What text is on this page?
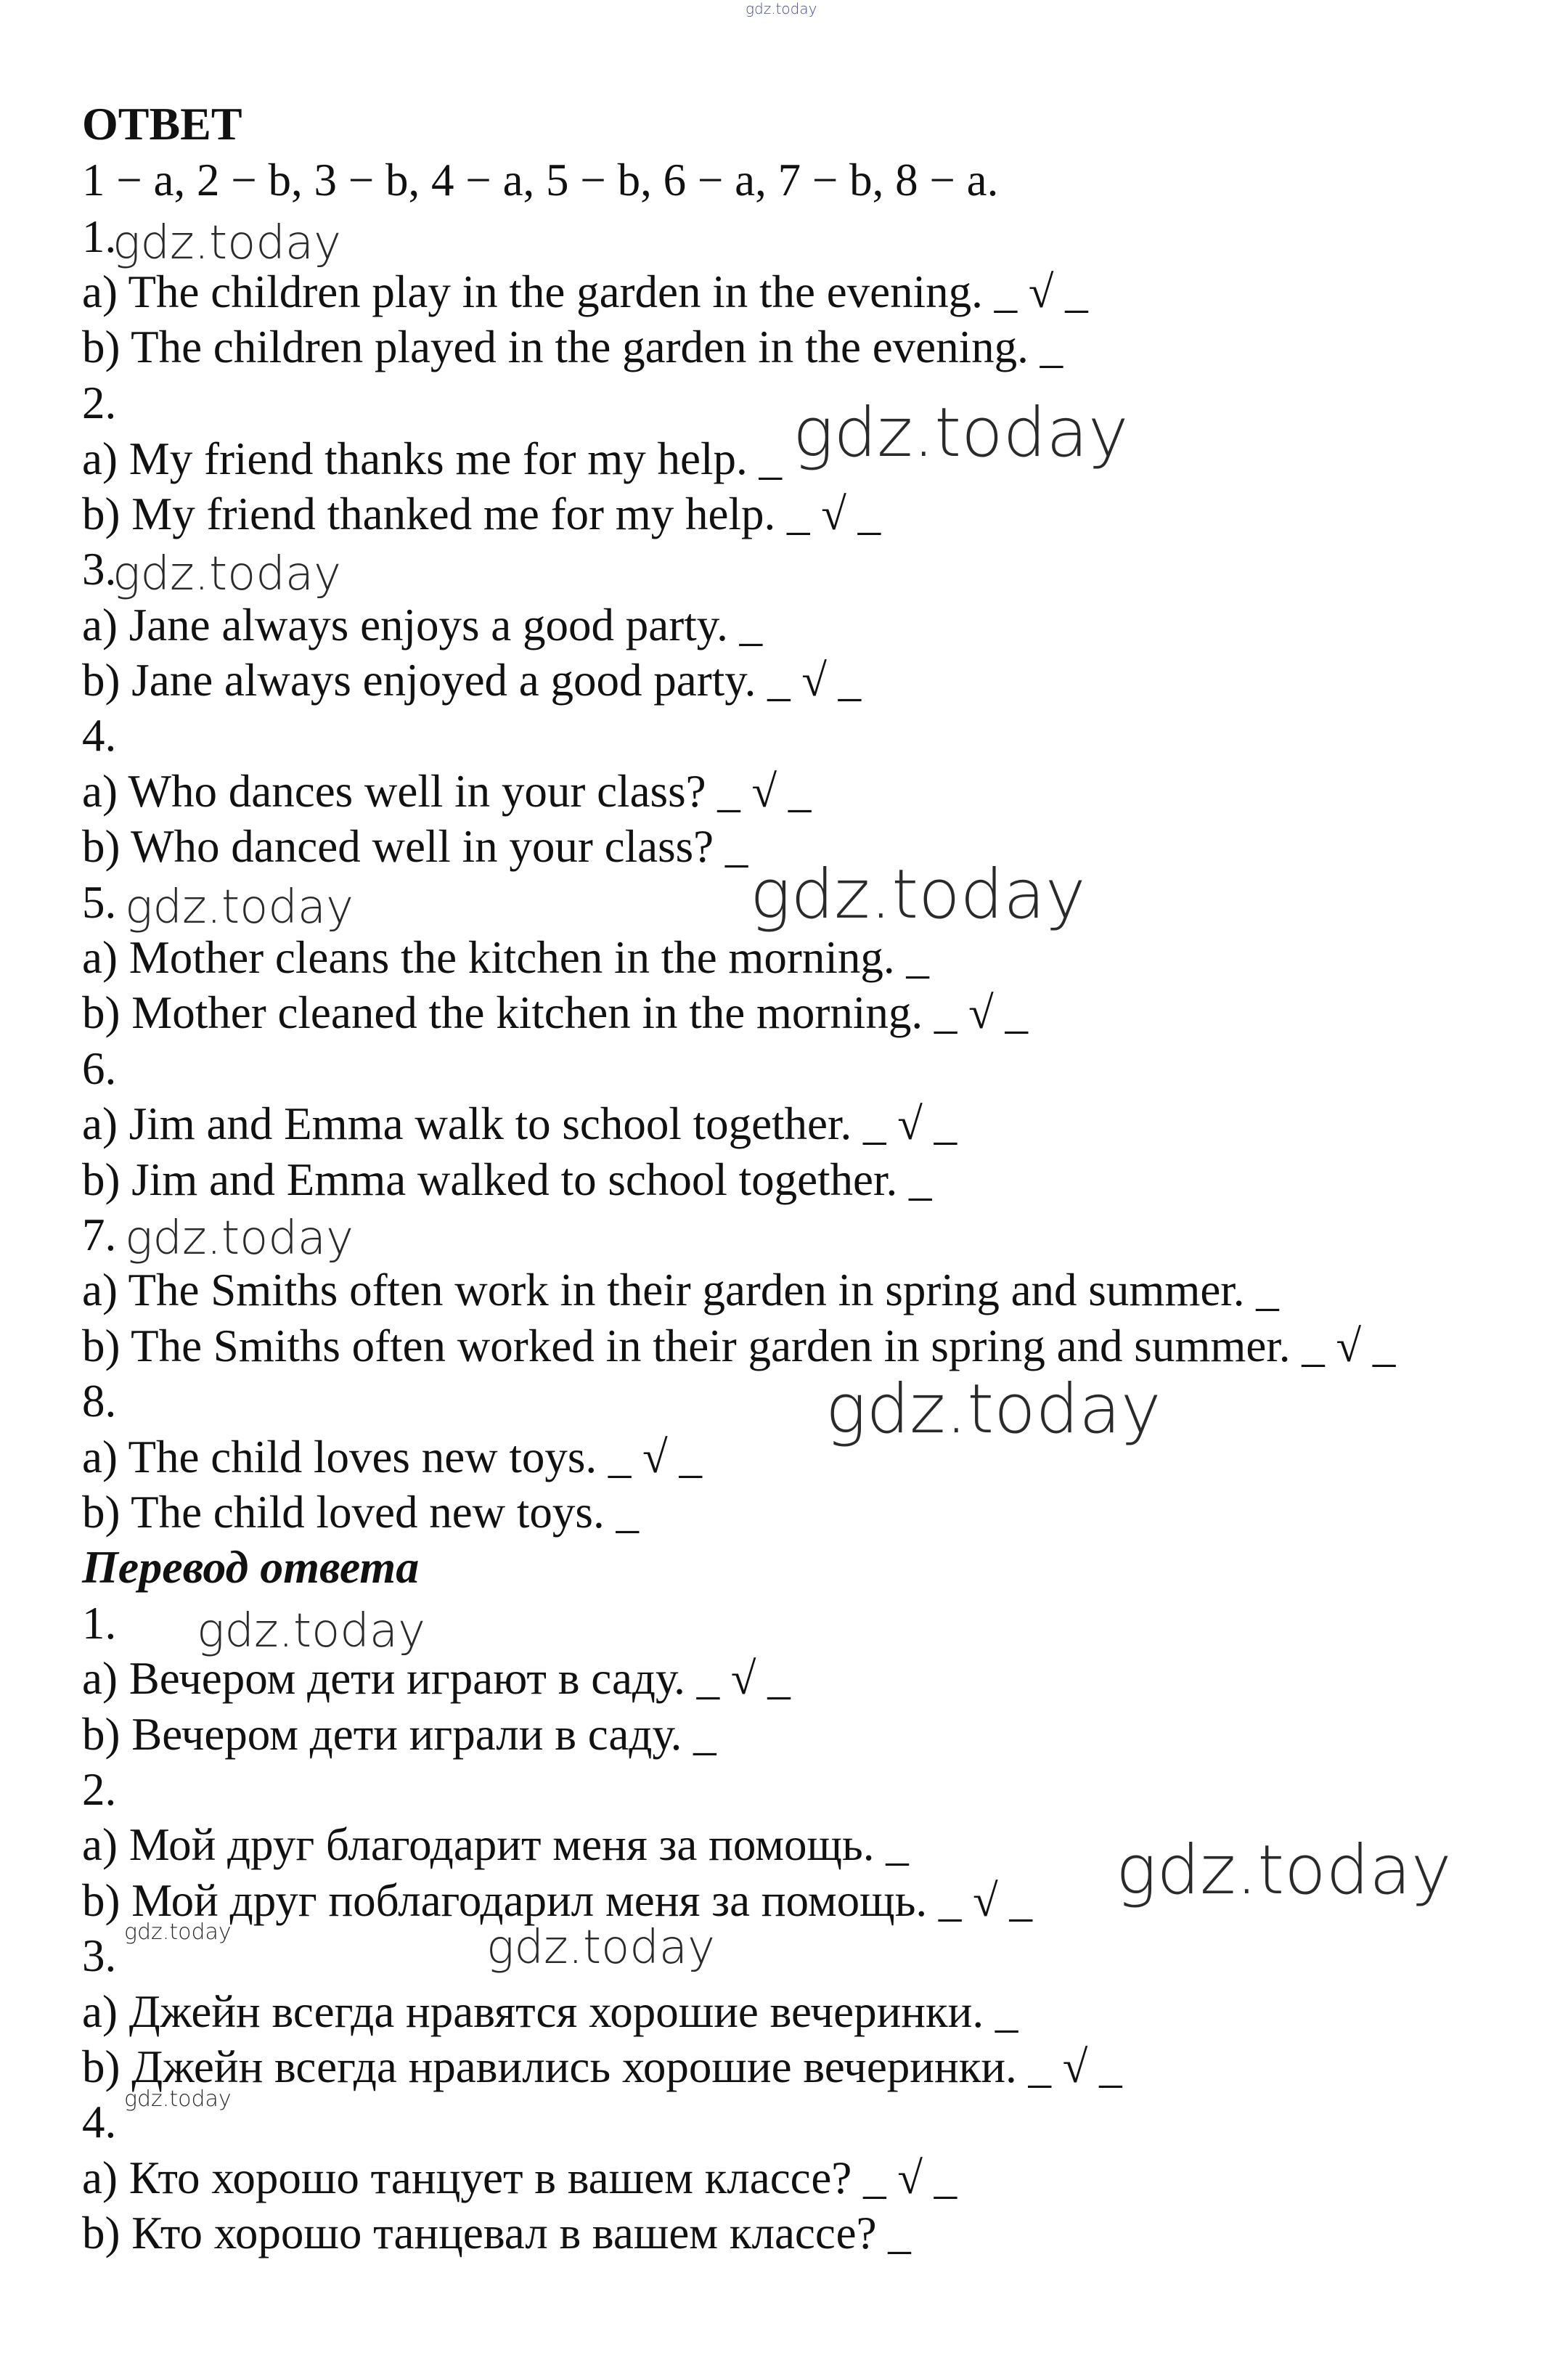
ОТВЕТ
1 − a, 2 − b, 3 − b, 4 − a, 5 − b, 6 − a, 7 − b, 8 − a.
1.
a) The children play in the garden in the evening. _ √ _
b) The children played in the garden in the evening. _
2.
a) My friend thanks me for my help. _
b) My friend thanked me for my help. _ √ _
3.
a) Jane always enjoys a good party. _
b) Jane always enjoyed a good party. _ √ _
4.
a) Who dances well in your class? _ √ _
b) Who danced well in your class? _
5.
a) Mother cleans the kitchen in the morning. _
b) Mother cleaned the kitchen in the morning. _ √ _
6.
a) Jim and Emma walk to school together. _ √ _
b) Jim and Emma walked to school together. _
7.
a) The Smiths often work in their garden in spring and summer. _
b) The Smiths often worked in their garden in spring and summer. _ √ _
8.
a) The child loves new toys. _ √ _
b) The child loved new toys. _
Перевод ответа
1.
a) Вечером дети играют в саду. _ √ _
b) Вечером дети играли в саду. _
2.
a) Мой друг благодарит меня за помощь. _
b) Мой друг поблагодарил меня за помощь. _ √ _
3.
a) Джейн всегда нравятся хорошие вечеринки. _
b) Джейн всегда нравились хорошие вечеринки. _ √ _
4.
a) Кто хорошо танцует в вашем классе? _ √ _
b) Кто хорошо танцевал в вашем классе? _
gdz.today
gdz.today
gdz.today
gdz.today
gdz.today	gdz.today
gdz.today
gdz.today
gdz.today
gdz.today
gdz.today	gdz.today
gdz.today
